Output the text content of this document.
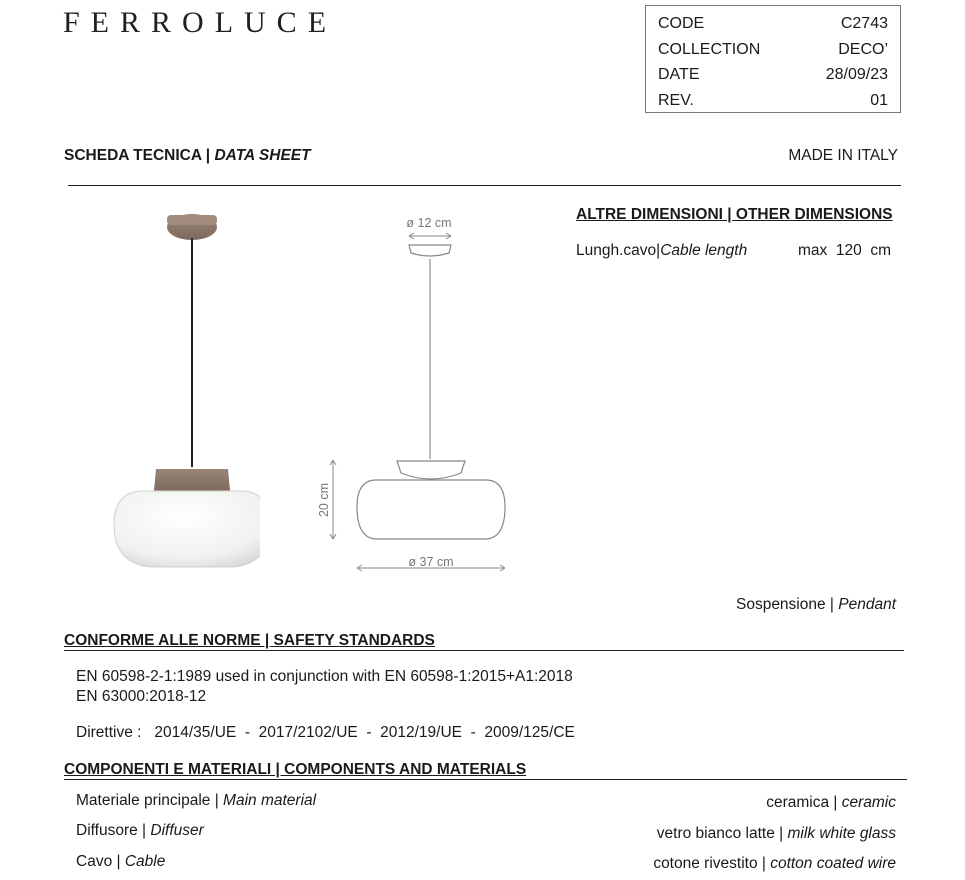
FERROLUCE	CODE	C2743
COLLECTION	DECO’
DATE	28/09/23
REV.	01
SCHEDA TECNICA | DATA SHEET	MADE IN ITALY
ø 12 cm
20 cm
ø 37 cm
ALTRE DIMENSIONI | OTHER DIMENSIONS
Lungh.cavo|Cable length	max  120  cm
Sospensione | Pendant
CONFORME ALLE NORME | SAFETY STANDARDS
EN 60598-2-1:1989 used in conjunction with EN 60598-1:2015+A1:2018
EN 63000:2018-12
Direttive :   2014/35/UE  -  2017/2102/UE  -  2012/19/UE  -  2009/125/CE
COMPONENTI E MATERIALI | COMPONENTS AND MATERIALS
Materiale principale | Main material	ceramica | ceramic
Diffusore | Diffuser	vetro bianco latte | milk white glass
Cavo | Cable	cotone rivestito | cotton coated wire
